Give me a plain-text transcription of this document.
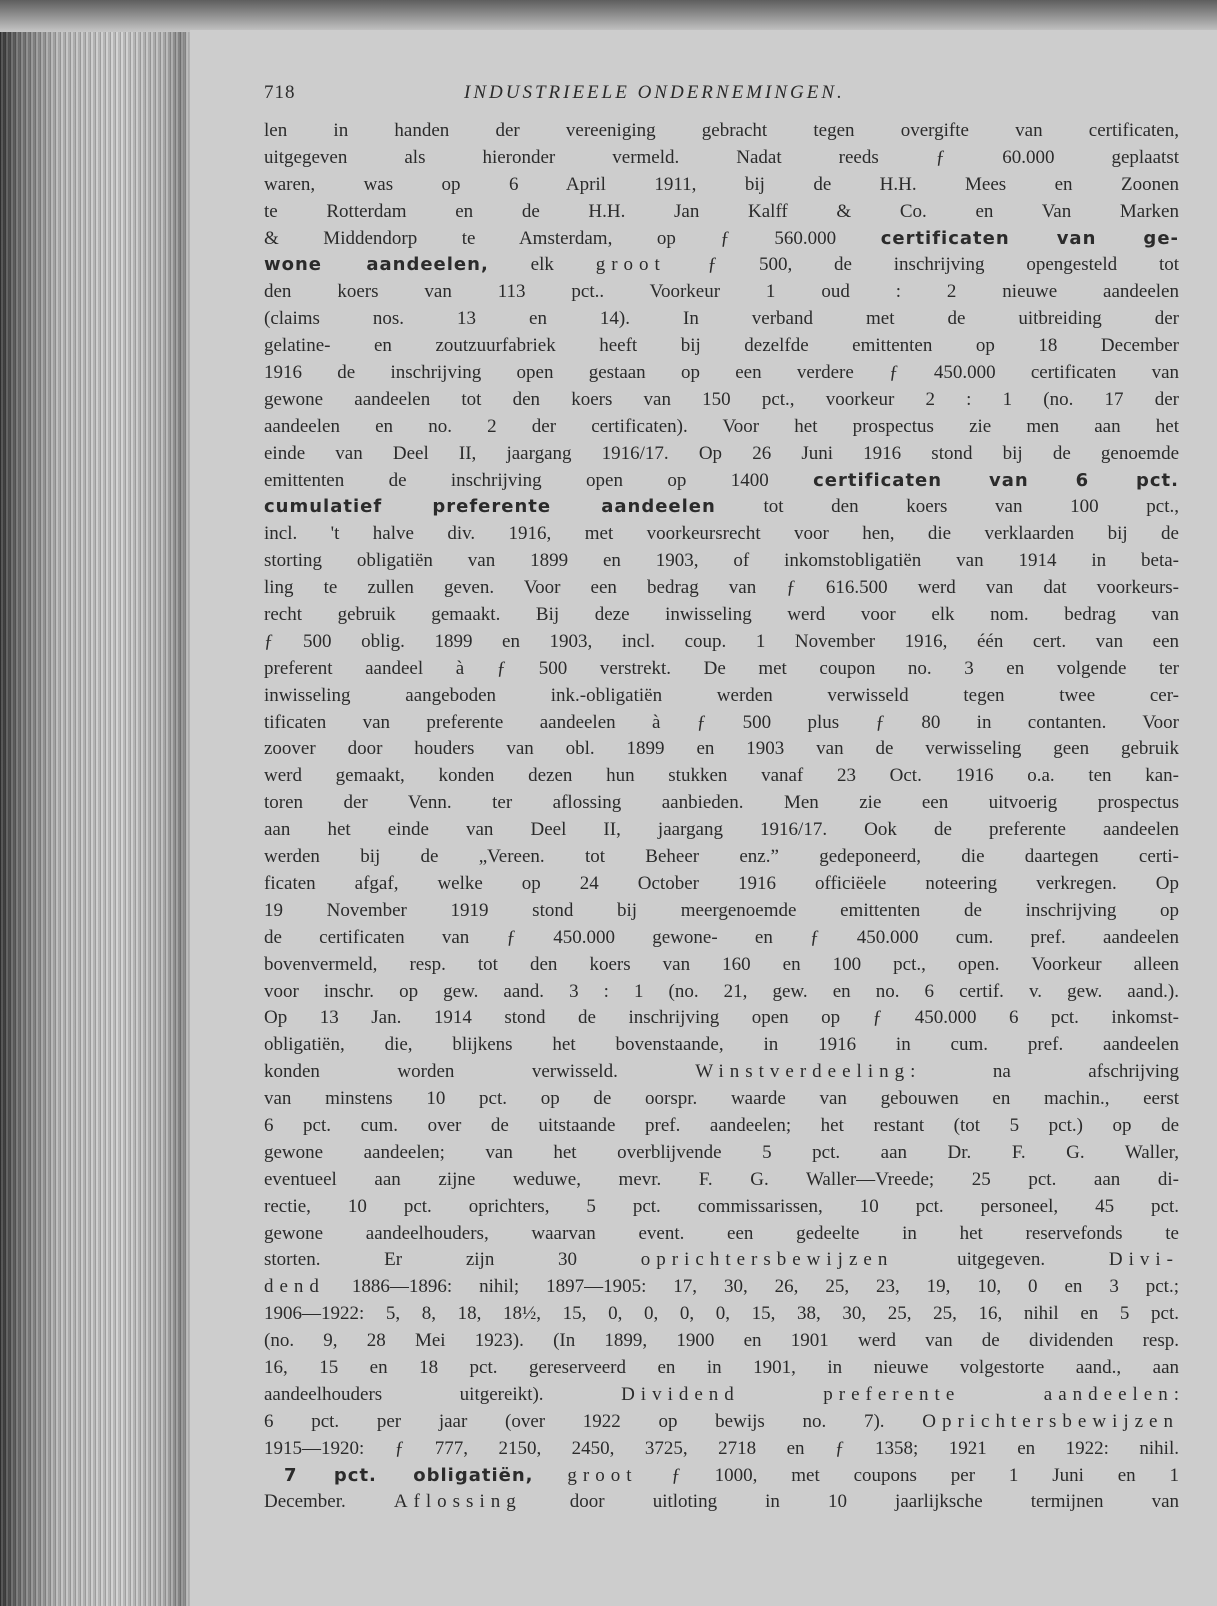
718	INDUSTRIEELE ONDERNEMINGEN.
len in handen der vereeniging gebracht tegen overgifte van certificaten,
uitgegeven als hieronder vermeld. Nadat reeds ƒ 60.000 geplaatst
waren, was op 6 April 1911, bij de H.H. Mees en Zoonen
te Rotterdam en de H.H. Jan Kalff & Co. en Van Marken
& Middendorp te Amsterdam, op ƒ 560.000 certificaten van ge-
wone aandeelen, elk groot ƒ 500, de inschrijving opengesteld tot
den koers van 113 pct.. Voorkeur 1 oud : 2 nieuwe aandeelen
(claims nos. 13 en 14). In verband met de uitbreiding der
gelatine- en zoutzuurfabriek heeft bij dezelfde emittenten op 18 December
1916 de inschrijving open gestaan op een verdere ƒ 450.000 certificaten van
gewone aandeelen tot den koers van 150 pct., voorkeur 2 : 1 (no. 17 der
aandeelen en no. 2 der certificaten). Voor het prospectus zie men aan het
einde van Deel II, jaargang 1916/17. Op 26 Juni 1916 stond bij de genoemde
emittenten de inschrijving open op 1400 certificaten van 6 pct.
cumulatief preferente aandeelen tot den koers van 100 pct.,
incl. 't halve div. 1916, met voorkeursrecht voor hen, die verklaarden bij de
storting obligatiën van 1899 en 1903, of inkomstobligatiën van 1914 in beta-
ling te zullen geven. Voor een bedrag van ƒ 616.500 werd van dat voorkeurs-
recht gebruik gemaakt. Bij deze inwisseling werd voor elk nom. bedrag van
ƒ 500 oblig. 1899 en 1903, incl. coup. 1 November 1916, één cert. van een
preferent aandeel à ƒ 500 verstrekt. De met coupon no. 3 en volgende ter
inwisseling aangeboden ink.-obligatiën werden verwisseld tegen twee cer-
tificaten van preferente aandeelen à ƒ 500 plus ƒ 80 in contanten. Voor
zoover door houders van obl. 1899 en 1903 van de verwisseling geen gebruik
werd gemaakt, konden dezen hun stukken vanaf 23 Oct. 1916 o.a. ten kan-
toren der Venn. ter aflossing aanbieden. Men zie een uitvoerig prospectus
aan het einde van Deel II, jaargang 1916/17. Ook de preferente aandeelen
werden bij de „Vereen. tot Beheer enz.” gedeponeerd, die daartegen certi-
ficaten afgaf, welke op 24 October 1916 officiëele noteering verkregen. Op
19 November 1919 stond bij meergenoemde emittenten de inschrijving op
de certificaten van ƒ 450.000 gewone- en ƒ 450.000 cum. pref. aandeelen
bovenvermeld, resp. tot den koers van 160 en 100 pct., open. Voorkeur alleen
voor inschr. op gew. aand. 3 : 1 (no. 21, gew. en no. 6 certif. v. gew. aand.).
Op 13 Jan. 1914 stond de inschrijving open op ƒ 450.000 6 pct. inkomst-
obligatiën, die, blijkens het bovenstaande, in 1916 in cum. pref. aandeelen
konden worden verwisseld. Winstverdeeling: na afschrijving
van minstens 10 pct. op de oorspr. waarde van gebouwen en machin., eerst
6 pct. cum. over de uitstaande pref. aandeelen; het restant (tot 5 pct.) op de
gewone aandeelen; van het overblijvende 5 pct. aan Dr. F. G. Waller,
eventueel aan zijne weduwe, mevr. F. G. Waller—Vreede; 25 pct. aan di-
rectie, 10 pct. oprichters, 5 pct. commissarissen, 10 pct. personeel, 45 pct.
gewone aandeelhouders, waarvan event. een gedeelte in het reservefonds te
storten. Er zijn 30 oprichtersbewijzen uitgegeven. Divi-
dend 1886—1896: nihil; 1897—1905: 17, 30, 26, 25, 23, 19, 10, 0 en 3 pct.;
1906—1922: 5, 8, 18, 18½, 15, 0, 0, 0, 0, 15, 38, 30, 25, 25, 16, nihil en 5 pct.
(no. 9, 28 Mei 1923). (In 1899, 1900 en 1901 werd van de dividenden resp.
16, 15 en 18 pct. gereserveerd en in 1901, in nieuwe volgestorte aand., aan
aandeelhouders uitgereikt). Dividend preferente aandeelen:
6 pct. per jaar (over 1922 op bewijs no. 7). Oprichtersbewijzen
1915—1920: ƒ 777, 2150, 2450, 3725, 2718 en ƒ 1358; 1921 en 1922: nihil.
7 pct. obligatiën, groot ƒ 1000, met coupons per 1 Juni en 1
December. Aflossing door uitloting in 10 jaarlijksche termijnen van
